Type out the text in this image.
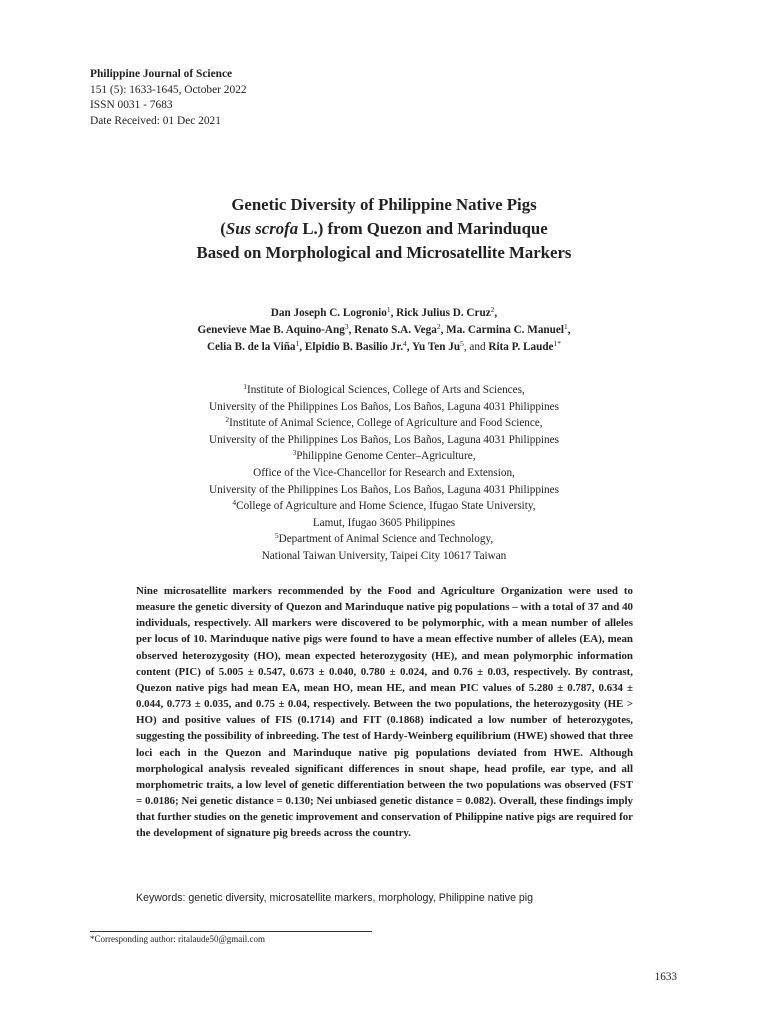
Philippine Journal of Science
151 (5): 1633-1645, October 2022
ISSN 0031 - 7683
Date Received: 01 Dec 2021
Genetic Diversity of Philippine Native Pigs
(Sus scrofa L.) from Quezon and Marinduque
Based on Morphological and Microsatellite Markers
Dan Joseph C. Logronio$^1$, Rick Julius D. Cruz$^2$,
Genevieve Mae B. Aquino-Ang$^3$, Renato S.A. Vega$^2$, Ma. Carmina C. Manuel$^1$,
Celia B. de la Viña$^1$, Elpidio B. Basilio Jr.$^4$, Yu Ten Ju$^5$, and Rita P. Laude$^{1*}$
$^1$Institute of Biological Sciences, College of Arts and Sciences,
University of the Philippines Los Baños, Los Baños, Laguna 4031 Philippines
$^2$Institute of Animal Science, College of Agriculture and Food Science,
University of the Philippines Los Baños, Los Baños, Laguna 4031 Philippines
$^3$Philippine Genome Center–Agriculture,
Office of the Vice-Chancellor for Research and Extension,
University of the Philippines Los Baños, Los Baños, Laguna 4031 Philippines
$^4$College of Agriculture and Home Science, Ifugao State University,
Lamut, Ifugao 3605 Philippines
$^5$Department of Animal Science and Technology,
National Taiwan University, Taipei City 10617 Taiwan
Nine microsatellite markers recommended by the Food and Agriculture Organization were used to measure the genetic diversity of Quezon and Marinduque native pig populations – with a total of 37 and 40 individuals, respectively. All markers were discovered to be polymorphic, with a mean number of alleles per locus of 10. Marinduque native pigs were found to have a mean effective number of alleles (EA), mean observed heterozygosity (HO), mean expected heterozygosity (HE), and mean polymorphic information content (PIC) of 5.005 ± 0.547, 0.673 ± 0.040, 0.780 ± 0.024, and 0.76 ± 0.03, respectively. By contrast, Quezon native pigs had mean EA, mean HO, mean HE, and mean PIC values of 5.280 ± 0.787, 0.634 ± 0.044, 0.773 ± 0.035, and 0.75 ± 0.04, respectively. Between the two populations, the heterozygosity (HE > HO) and positive values of FIS (0.1714) and FIT (0.1868) indicated a low number of heterozygotes, suggesting the possibility of inbreeding. The test of Hardy-Weinberg equilibrium (HWE) showed that three loci each in the Quezon and Marinduque native pig populations deviated from HWE. Although morphological analysis revealed significant differences in snout shape, head profile, ear type, and all morphometric traits, a low level of genetic differentiation between the two populations was observed (FST = 0.0186; Nei genetic distance = 0.130; Nei unbiased genetic distance = 0.082). Overall, these findings imply that further studies on the genetic improvement and conservation of Philippine native pigs are required for the development of signature pig breeds across the country.
Keywords: genetic diversity, microsatellite markers, morphology, Philippine native pig
*Corresponding author: ritalaude50@gmail.com
1633
